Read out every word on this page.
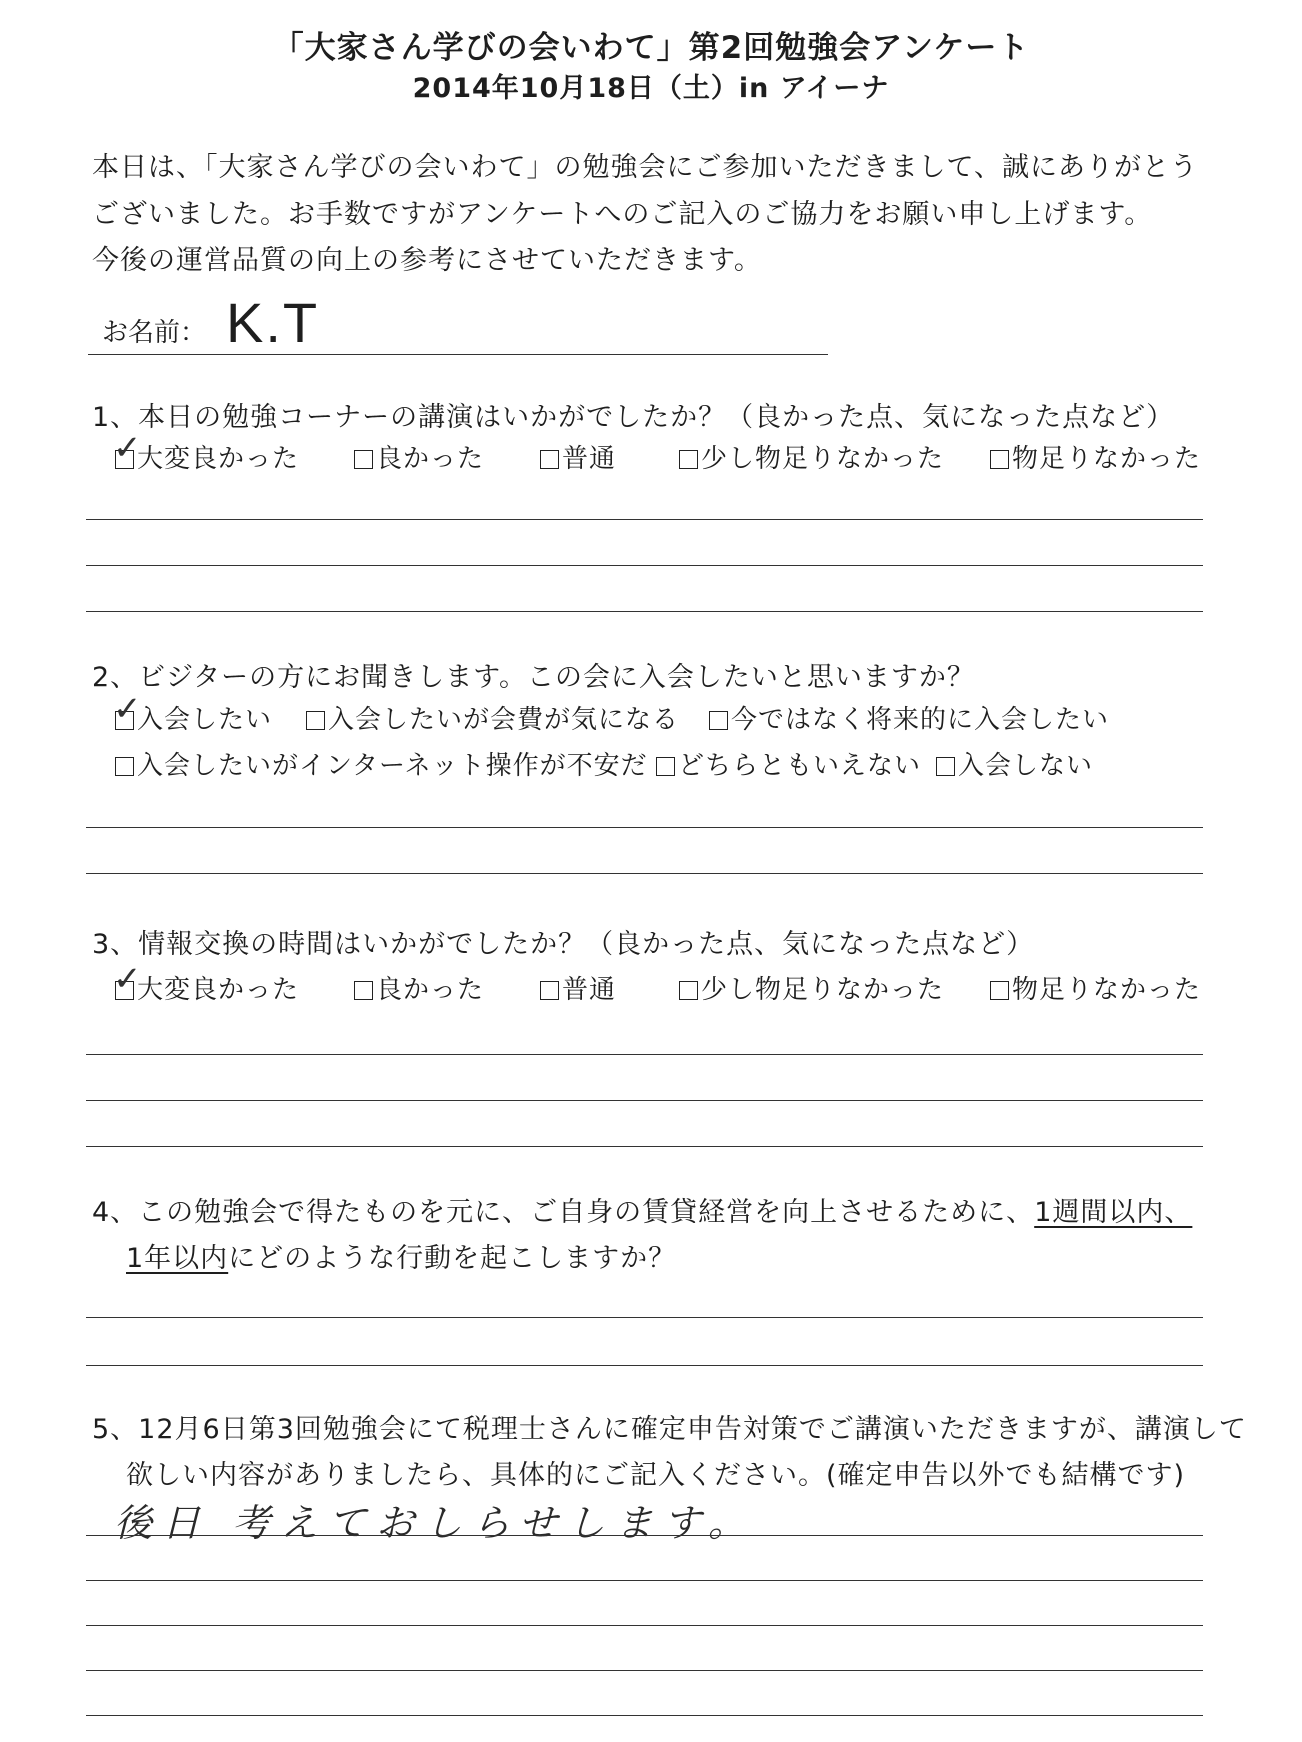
「大家さん学びの会いわて」第2回勉強会アンケート
2014年10月18日（土）in アイーナ
本日は、「大家さん学びの会いわて」の勉強会にご参加いただきまして、誠にありがとう
ございました。お手数ですがアンケートへのご記入のご協力をお願い申し上げます。
今後の運営品質の向上の参考にさせていただきます。
お名前： K.T
1、本日の勉強コーナーの講演はいかがでしたか？（良かった点、気になった点など）
✓
大変良かった	良かった	普通	少し物足りなかった	物足りなかった
2、ビジターの方にお聞きします。この会に入会したいと思いますか？
✓
入会したい	入会したいが会費が気になる	今ではなく将来的に入会したい
入会したいがインターネット操作が不安だ	どちらともいえない	入会しない
3、情報交換の時間はいかがでしたか？（良かった点、気になった点など）
✓
大変良かった	良かった	普通	少し物足りなかった	物足りなかった
4、この勉強会で得たものを元に、ご自身の賃貸経営を向上させるために、1週間以内、
1年以内にどのような行動を起こしますか？
5、12月6日第3回勉強会にて税理士さんに確定申告対策でご講演いただきますが、講演して
欲しい内容がありましたら、具体的にご記入ください。(確定申告以外でも結構です)
後日 考えておしらせします。
